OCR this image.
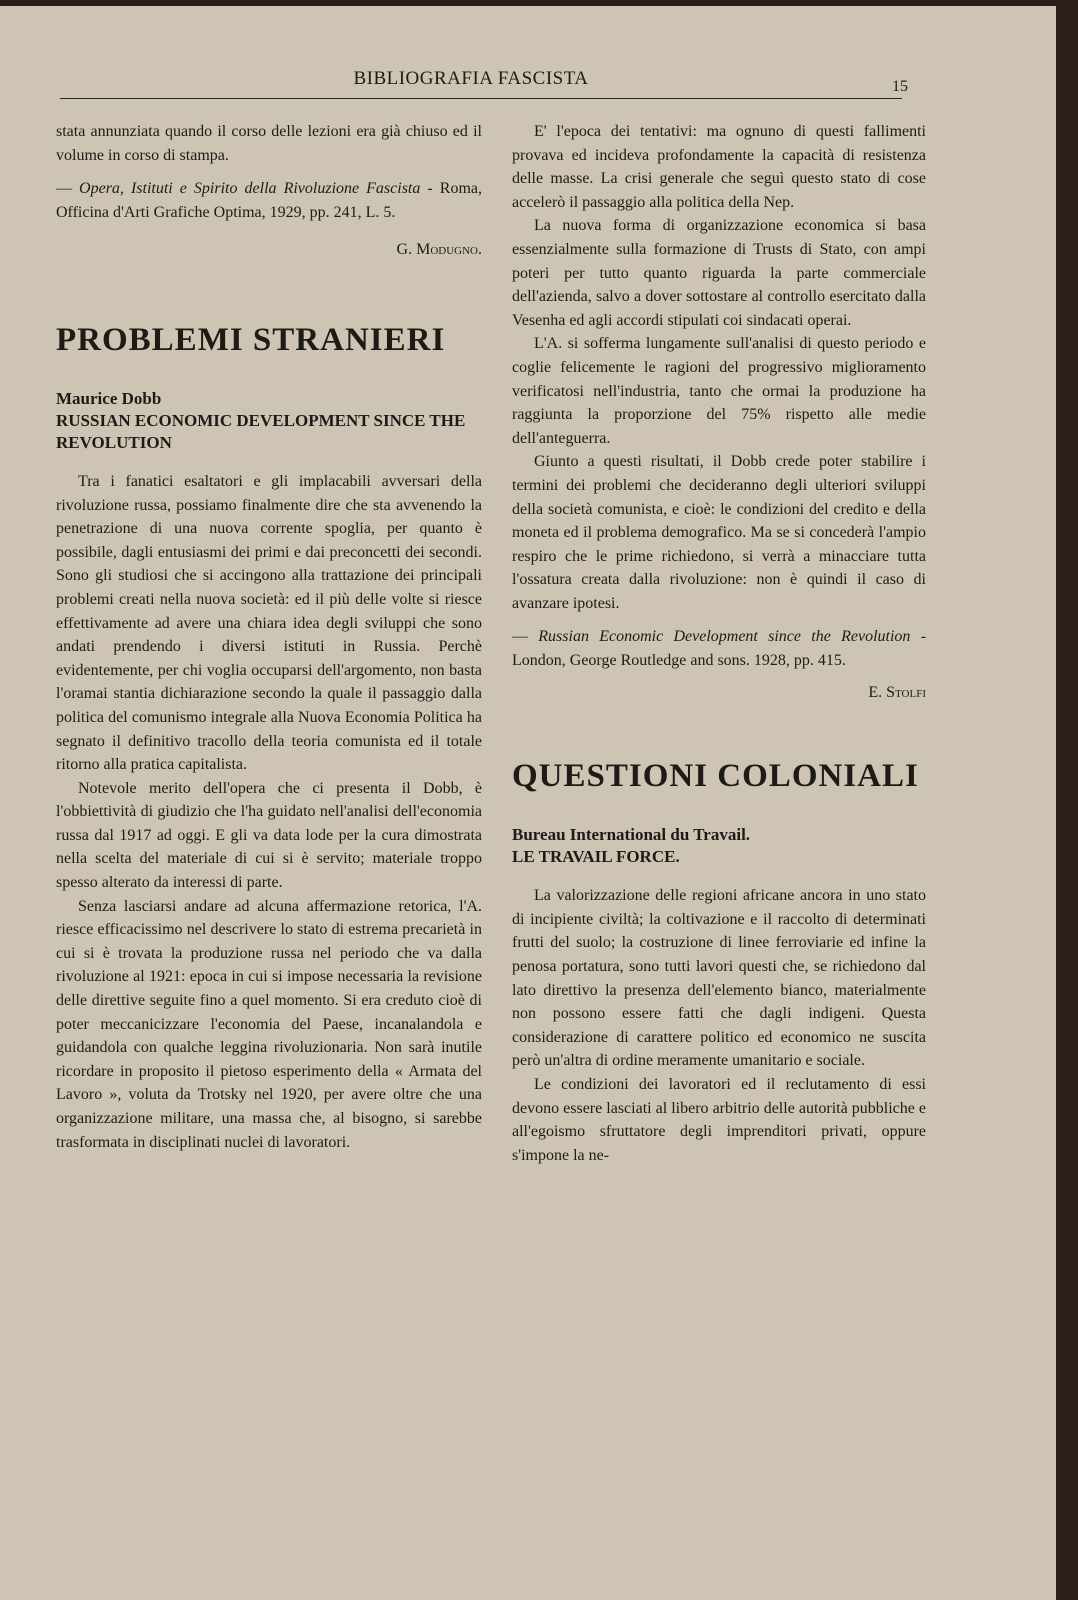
BIBLIOGRAFIA FASCISTA	15

stata annunziata quando il corso delle lezioni era già chiuso ed il volume in corso di stampa.

— Opera, Istituti e Spirito della Rivoluzione Fascista - Roma, Officina d'Arti Grafiche Optima, 1929, pp. 241, L. 5.

G. Modugno.

PROBLEMI STRANIERI
Maurice Dobb
RUSSIAN ECONOMIC DEVELOPMENT SINCE THE REVOLUTION

Tra i fanatici esaltatori e gli implacabili avversari della rivoluzione russa, possiamo finalmente dire che sta avvenendo la penetrazione di una nuova corrente spoglia, per quanto è possibile, dagli entusiasmi dei primi e dai preconcetti dei secondi. Sono gli studiosi che si accingono alla trattazione dei principali problemi creati nella nuova società: ed il più delle volte si riesce effettivamente ad avere una chiara idea degli sviluppi che sono andati prendendo i diversi istituti in Russia. Perchè evidentemente, per chi voglia occuparsi dell'argomento, non basta l'oramai stantia dichiarazione secondo la quale il passaggio dalla politica del comunismo integrale alla Nuova Economia Politica ha segnato il definitivo tracollo della teoria comunista ed il totale ritorno alla pratica capitalista.

Notevole merito dell'opera che ci presenta il Dobb, è l'obbiettività di giudizio che l'ha guidato nell'analisi dell'economia russa dal 1917 ad oggi. E gli va data lode per la cura dimostrata nella scelta del materiale di cui si è servito; materiale troppo spesso alterato da interessi di parte.

Senza lasciarsi andare ad alcuna affermazione retorica, l'A. riesce efficacissimo nel descrivere lo stato di estrema precarietà in cui si è trovata la produzione russa nel periodo che va dalla rivoluzione al 1921: epoca in cui si impose necessaria la revisione delle direttive seguite fino a quel momento. Si era creduto cioè di poter meccanicizzare l'economia del Paese, incanalandola e guidandola con qualche leggina rivoluzionaria. Non sarà inutile ricordare in proposito il pietoso esperimento della « Armata del Lavoro », voluta da Trotsky nel 1920, per avere oltre che una organizzazione militare, una massa che, al bisogno, si sarebbe trasformata in disciplinati nuclei di lavoratori.

E' l'epoca dei tentativi: ma ognuno di questi fallimenti provava ed incideva profondamente la capacità di resistenza delle masse. La crisi generale che seguì questo stato di cose accelerò il passaggio alla politica della Nep.

La nuova forma di organizzazione economica si basa essenzialmente sulla formazione di Trusts di Stato, con ampi poteri per tutto quanto riguarda la parte commerciale dell'azienda, salvo a dover sottostare al controllo esercitato dalla Vesenha ed agli accordi stipulati coi sindacati operai.

L'A. si sofferma lungamente sull'analisi di questo periodo e coglie felicemente le ragioni del progressivo miglioramento verificatosi nell'industria, tanto che ormai la produzione ha raggiunta la proporzione del 75% rispetto alle medie dell'anteguerra.

Giunto a questi risultati, il Dobb crede poter stabilire i termini dei problemi che decideranno degli ulteriori sviluppi della società comunista, e cioè: le condizioni del credito e della moneta ed il problema demografico. Ma se si concederà l'ampio respiro che le prime richiedono, si verrà a minacciare tutta l'ossatura creata dalla rivoluzione: non è quindi il caso di avanzare ipotesi.

— Russian Economic Development since the Revolution - London, George Routledge and sons. 1928, pp. 415.

E. Stolfi

QUESTIONI COLONIALI
Bureau International du Travail.
LE TRAVAIL FORCE.

La valorizzazione delle regioni africane ancora in uno stato di incipiente civiltà; la coltivazione e il raccolto di determinati frutti del suolo; la costruzione di linee ferroviarie ed infine la penosa portatura, sono tutti lavori questi che, se richiedono dal lato direttivo la presenza dell'elemento bianco, materialmente non possono essere fatti che dagli indigeni. Questa considerazione di carattere politico ed economico ne suscita però un'altra di ordine meramente umanitario e sociale.

Le condizioni dei lavoratori ed il reclutamento di essi devono essere lasciati al libero arbitrio delle autorità pubbliche e all'egoismo sfruttatore degli imprenditori privati, oppure s'impone la ne-
